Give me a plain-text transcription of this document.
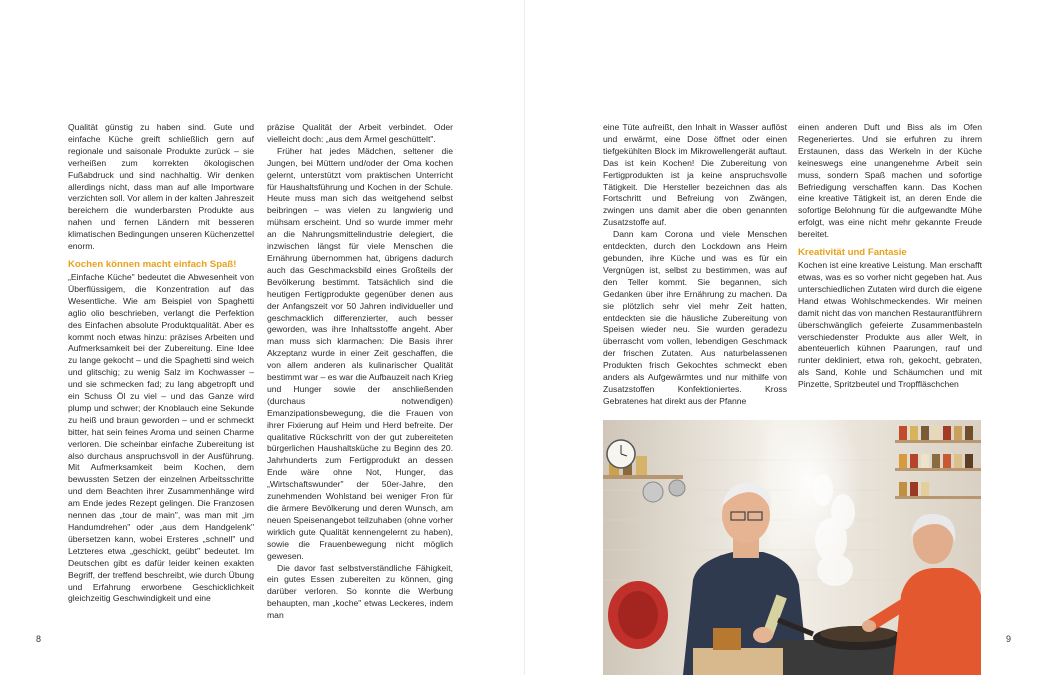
Qualität günstig zu haben sind. Gute und einfache Küche greift schließlich gern auf regionale und saisonale Produkte zurück – sie verheißen zum korrekten ökologischen Fußabdruck und sind nachhaltig. Wir denken allerdings nicht, dass man auf alle Importware verzichten soll. Vor allem in der kalten Jahreszeit bereichern die wunderbarsten Produkte aus nahen und fernen Ländern mit besseren klimatischen Bedingungen unseren Küchenzettel enorm.

Kochen können macht einfach Spaß!

„Einfache Küche" bedeutet die Abwesenheit von Überflüssigem, die Konzentration auf das Wesentliche. Wie am Beispiel von Spaghetti aglio olio beschrieben, verlangt die Perfektion des Einfachen absolute Produktqualität. Aber es kommt noch etwas hinzu: präzises Arbeiten und Aufmerksamkeit bei der Zubereitung. Eine Idee zu lange gekocht – und die Spaghetti sind weich und glitschig; zu wenig Salz im Kochwasser – und sie schmecken fad; zu lang abgetropft und ein Schuss Öl zu viel – und das Ganze wird plump und schwer; der Knoblauch eine Sekunde zu heiß und braun geworden – und er schmeckt bitter, hat sein feines Aroma und seinen Charme verloren. Die scheinbar einfache Zubereitung ist also durchaus anspruchsvoll in der Ausführung. Mit Aufmerksamkeit beim Kochen, dem bewussten Setzen der einzelnen Arbeitsschritte und dem Beachten ihrer Zusammenhänge wird am Ende jedes Rezept gelingen. Die Franzosen nennen das „tour de main", was man mit „im Handumdrehen" oder „aus dem Handgelenk" übersetzen kann, wobei Ersteres „schnell" und Letzteres etwa „geschickt, geübt" bedeutet. Im Deutschen gibt es dafür leider keinen exakten Begriff, der treffend beschreibt, wie durch Übung und Erfahrung erworbene Geschicklichkeit gleichzeitig Geschwindigkeit und eine

präzise Qualität der Arbeit verbindet. Oder vielleicht doch: „aus dem Ärmel geschüttelt".

Früher hat jedes Mädchen, seltener die Jungen, bei Müttern und/oder der Oma kochen gelernt, unterstützt vom praktischen Unterricht für Haushaltsführung und Kochen in der Schule. Heute muss man sich das weitgehend selbst beibringen – was vielen zu langwierig und mühsam erscheint. Und so wurde immer mehr an die Nahrungsmittelindustrie delegiert, die inzwischen längst für viele Menschen die Ernährung übernommen hat, übrigens dadurch auch das Geschmacksbild eines Großteils der Bevölkerung bestimmt. Tatsächlich sind die heutigen Fertigprodukte gegenüber denen aus der Anfangszeit vor 50 Jahren individueller und geschmacklich differenzierter, auch besser geworden, was ihre Inhaltsstoffe angeht. Aber man muss sich klarmachen: Die Basis ihrer Akzeptanz wurde in einer Zeit geschaffen, die von allem anderen als kulinarischer Qualität bestimmt war – es war die Aufbauzeit nach Krieg und Hunger sowie der anschließenden (durchaus notwendigen) Emanzipationsbewegung, die die Frauen von ihrer Fixierung auf Heim und Herd befreite. Der qualitative Rückschritt von der gut zubereiteten bürgerlichen Haushaltsküche zu Beginn des 20. Jahrhunderts zum Fertigprodukt an dessen Ende wäre ohne Not, Hunger, das „Wirtschaftswunder" der 50er-Jahre, den zunehmenden Wohlstand bei weniger Fron für die ärmere Bevölkerung und deren Wunsch, am neuen Speisenangebot teilzuhaben (ohne vorher wirklich gute Qualität kennengelernt zu haben), sowie die Frauenbewegung nicht möglich gewesen.

Die davor fast selbstverständliche Fähigkeit, ein gutes Essen zubereiten zu können, ging darüber verloren. So konnte die Werbung behaupten, man „koche" etwas Leckeres, indem man

eine Tüte aufreißt, den Inhalt in Wasser auflöst und erwärmt, eine Dose öffnet oder einen tiefgekühlten Block im Mikrowellengerät auftaut. Das ist kein Kochen! Die Zubereitung von Fertigprodukten ist ja keine anspruchsvolle Tätigkeit. Die Hersteller bezeichnen das als Fortschritt und Befreiung von Zwängen, zwingen uns damit aber die oben genannten Zusatzstoffe auf.

Dann kam Corona und viele Menschen entdeckten, durch den Lockdown ans Heim gebunden, ihre Küche und was es für ein Vergnügen ist, selbst zu bestimmen, was auf den Teller kommt. Sie begannen, sich Gedanken über ihre Ernährung zu machen. Da sie plötzlich sehr viel mehr Zeit hatten, entdeckten sie die häusliche Zubereitung von Speisen wieder neu. Sie wurden geradezu überrascht vom vollen, lebendigen Geschmack der frischen Zutaten. Aus naturbelassenen Produkten frisch Gekochtes schmeckt eben anders als Aufgewärmtes und nur mithilfe von Zusatzstoffen Konfektioniertes. Kross Gebratenes hat direkt aus der Pfanne

einen anderen Duft und Biss als im Ofen Regeneriertes. Und sie erfuhren zu ihrem Erstaunen, dass das Werkeln in der Küche keineswegs eine unangenehme Arbeit sein muss, sondern Spaß machen und sofortige Befriedigung verschaffen kann. Das Kochen eine kreative Tätigkeit ist, an deren Ende die sofortige Belohnung für die aufgewandte Mühe erfolgt, was eine nicht mehr gekannte Freude bereitet.

Kreativität und Fantasie

Kochen ist eine kreative Leistung. Man erschafft etwas, was es so vorher nicht gegeben hat. Aus unterschiedlichen Zutaten wird durch die eigene Hand etwas Wohlschmeckendes. Wir meinen damit nicht das von manchen Restaurantführern überschwänglich gefeierte Zusammenbasteln verschiedenster Produkte aus aller Welt, in abenteuerlich kühnen Paarungen, rauf und runter dekliniert, etwa roh, gekocht, gebraten, als Sand, Kohle und Schäumchen und mit Pinzette, Spritzbeutel und Tropffläschchen

8	9
